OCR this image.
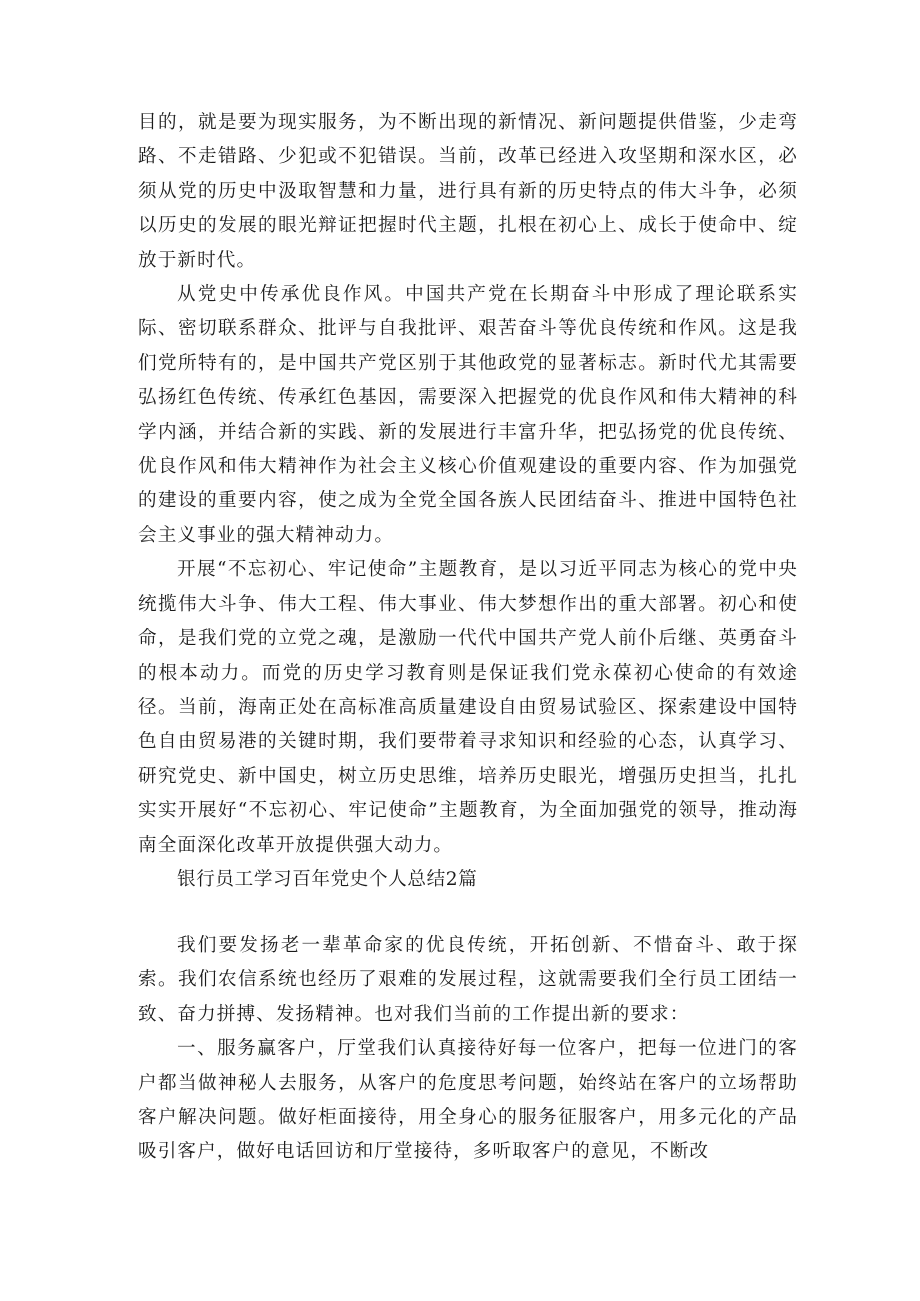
目的，就是要为现实服务，为不断出现的新情况、新问题提供借鉴，少走弯路、不走错路、少犯或不犯错误。当前，改革已经进入攻坚期和深水区，必须从党的历史中汲取智慧和力量，进行具有新的历史特点的伟大斗争，必须以历史的发展的眼光辩证把握时代主题，扎根在初心上、成长于使命中、绽放于新时代。

从党史中传承优良作风。中国共产党在长期奋斗中形成了理论联系实际、密切联系群众、批评与自我批评、艰苦奋斗等优良传统和作风。这是我们党所特有的，是中国共产党区别于其他政党的显著标志。新时代尤其需要弘扬红色传统、传承红色基因，需要深入把握党的优良作风和伟大精神的科学内涵，并结合新的实践、新的发展进行丰富升华，把弘扬党的优良传统、优良作风和伟大精神作为社会主义核心价值观建设的重要内容、作为加强党的建设的重要内容，使之成为全党全国各族人民团结奋斗、推进中国特色社会主义事业的强大精神动力。

开展“不忘初心、牢记使命”主题教育，是以习近平同志为核心的党中央统揽伟大斗争、伟大工程、伟大事业、伟大梦想作出的重大部署。初心和使命，是我们党的立党之魂，是激励一代代中国共产党人前仆后继、英勇奋斗的根本动力。而党的历史学习教育则是保证我们党永葆初心使命的有效途径。当前，海南正处在高标准高质量建设自由贸易试验区、探索建设中国特色自由贸易港的关键时期，我们要带着寻求知识和经验的心态，认真学习、研究党史、新中国史，树立历史思维，培养历史眼光，增强历史担当，扎扎实实开展好“不忘初心、牢记使命”主题教育，为全面加强党的领导，推动海南全面深化改革开放提供强大动力。

银行员工学习百年党史个人总结2篇

我们要发扬老一辈革命家的优良传统，开拓创新、不惜奋斗、敢于探索。我们农信系统也经历了艰难的发展过程，这就需要我们全行员工团结一致、奋力拼搏、发扬精神。也对我们当前的工作提出新的要求：

一、服务赢客户，厅堂我们认真接待好每一位客户，把每一位进门的客户都当做神秘人去服务，从客户的危度思考问题，始终站在客户的立场帮助客户解决问题。做好柜面接待，用全身心的服务征服客户，用多元化的产品吸引客户，做好电话回访和厅堂接待，多听取客户的意见，不断改
